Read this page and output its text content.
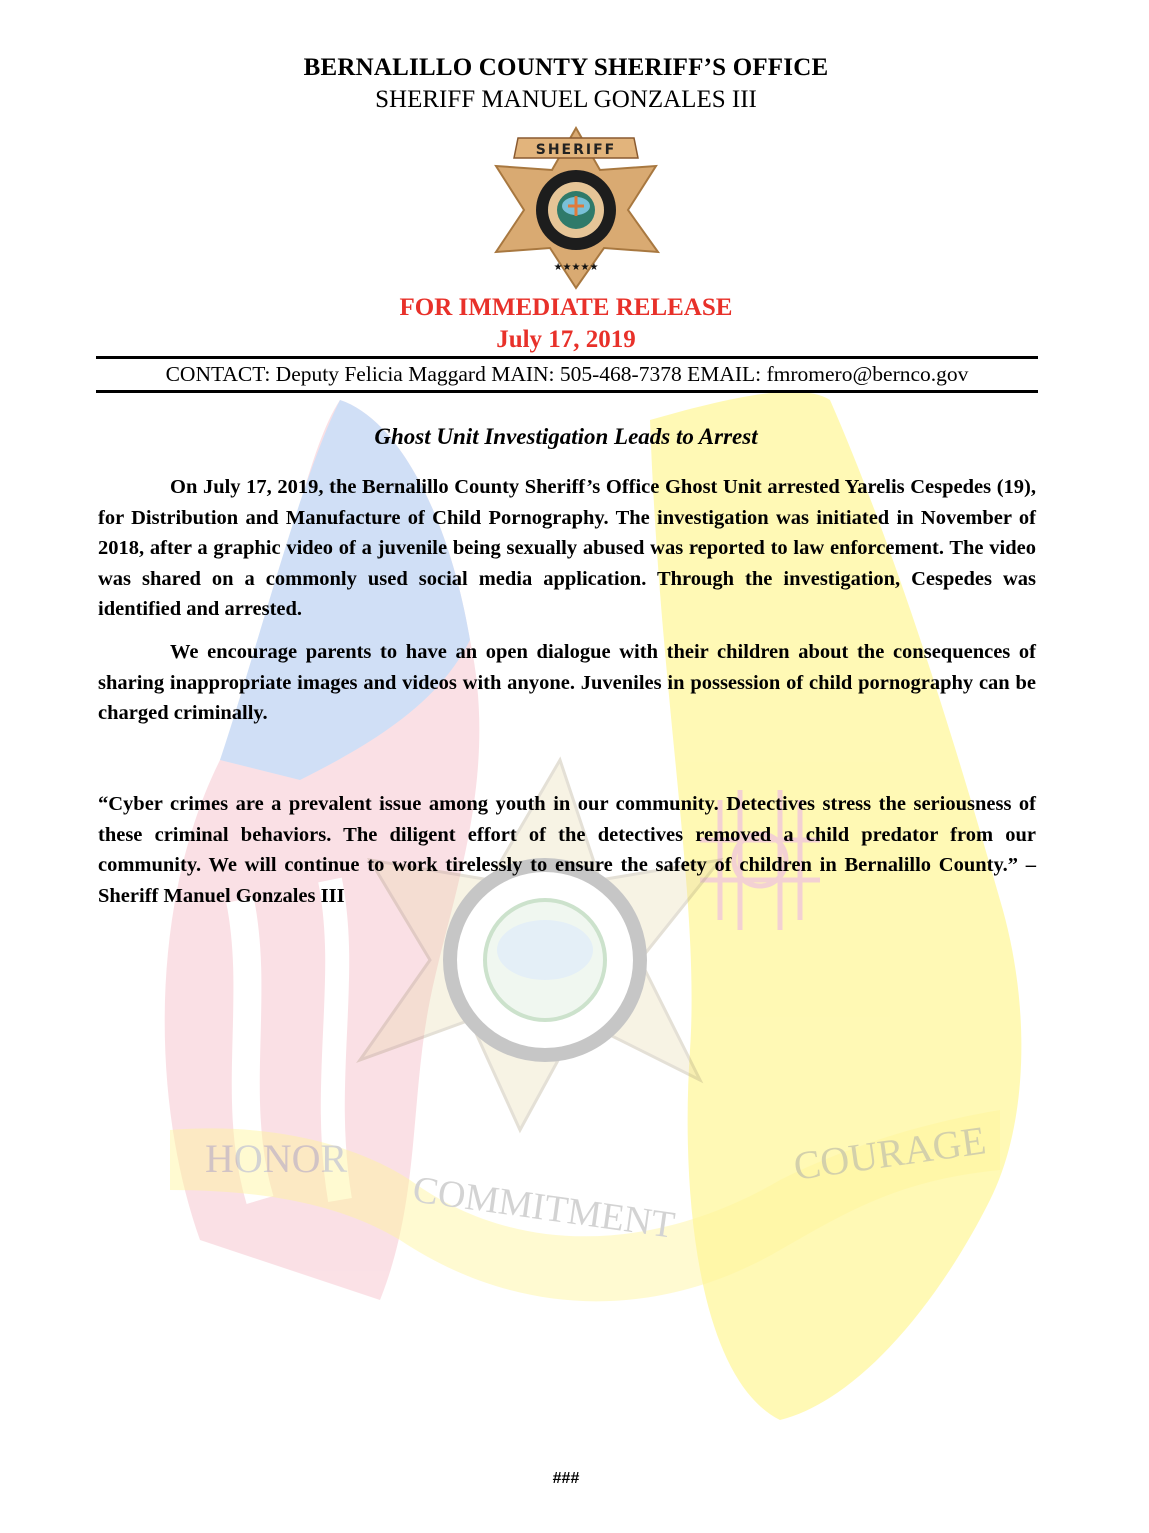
HONOR
COMMITMENT
COURAGE
BERNALILLO COUNTY SHERIFF’S OFFICE
SHERIFF MANUEL GONZALES III
SHERIFF
★★★★★
FOR IMMEDIATE RELEASE
July 17, 2019
CONTACT: Deputy Felicia Maggard MAIN: 505-468-7378 EMAIL: fmromero@bernco.gov
Ghost Unit Investigation Leads to Arrest
On July 17, 2019, the Bernalillo County Sheriff’s Office Ghost Unit arrested Yarelis Cespedes (19), for Distribution and Manufacture of Child Pornography. The investigation was initiated in November of 2018, after a graphic video of a juvenile being sexually abused was reported to law enforcement. The video was shared on a commonly used social media application. Through the investigation, Cespedes was identified and arrested.
We encourage parents to have an open dialogue with their children about the consequences of sharing inappropriate images and videos with anyone. Juveniles in possession of child pornography can be charged criminally.
“Cyber crimes are a prevalent issue among youth in our community. Detectives stress the seriousness of these criminal behaviors. The diligent effort of the detectives removed a child predator from our community. We will continue to work tirelessly to ensure the safety of children in Bernalillo County.” – Sheriff Manuel Gonzales III
###
